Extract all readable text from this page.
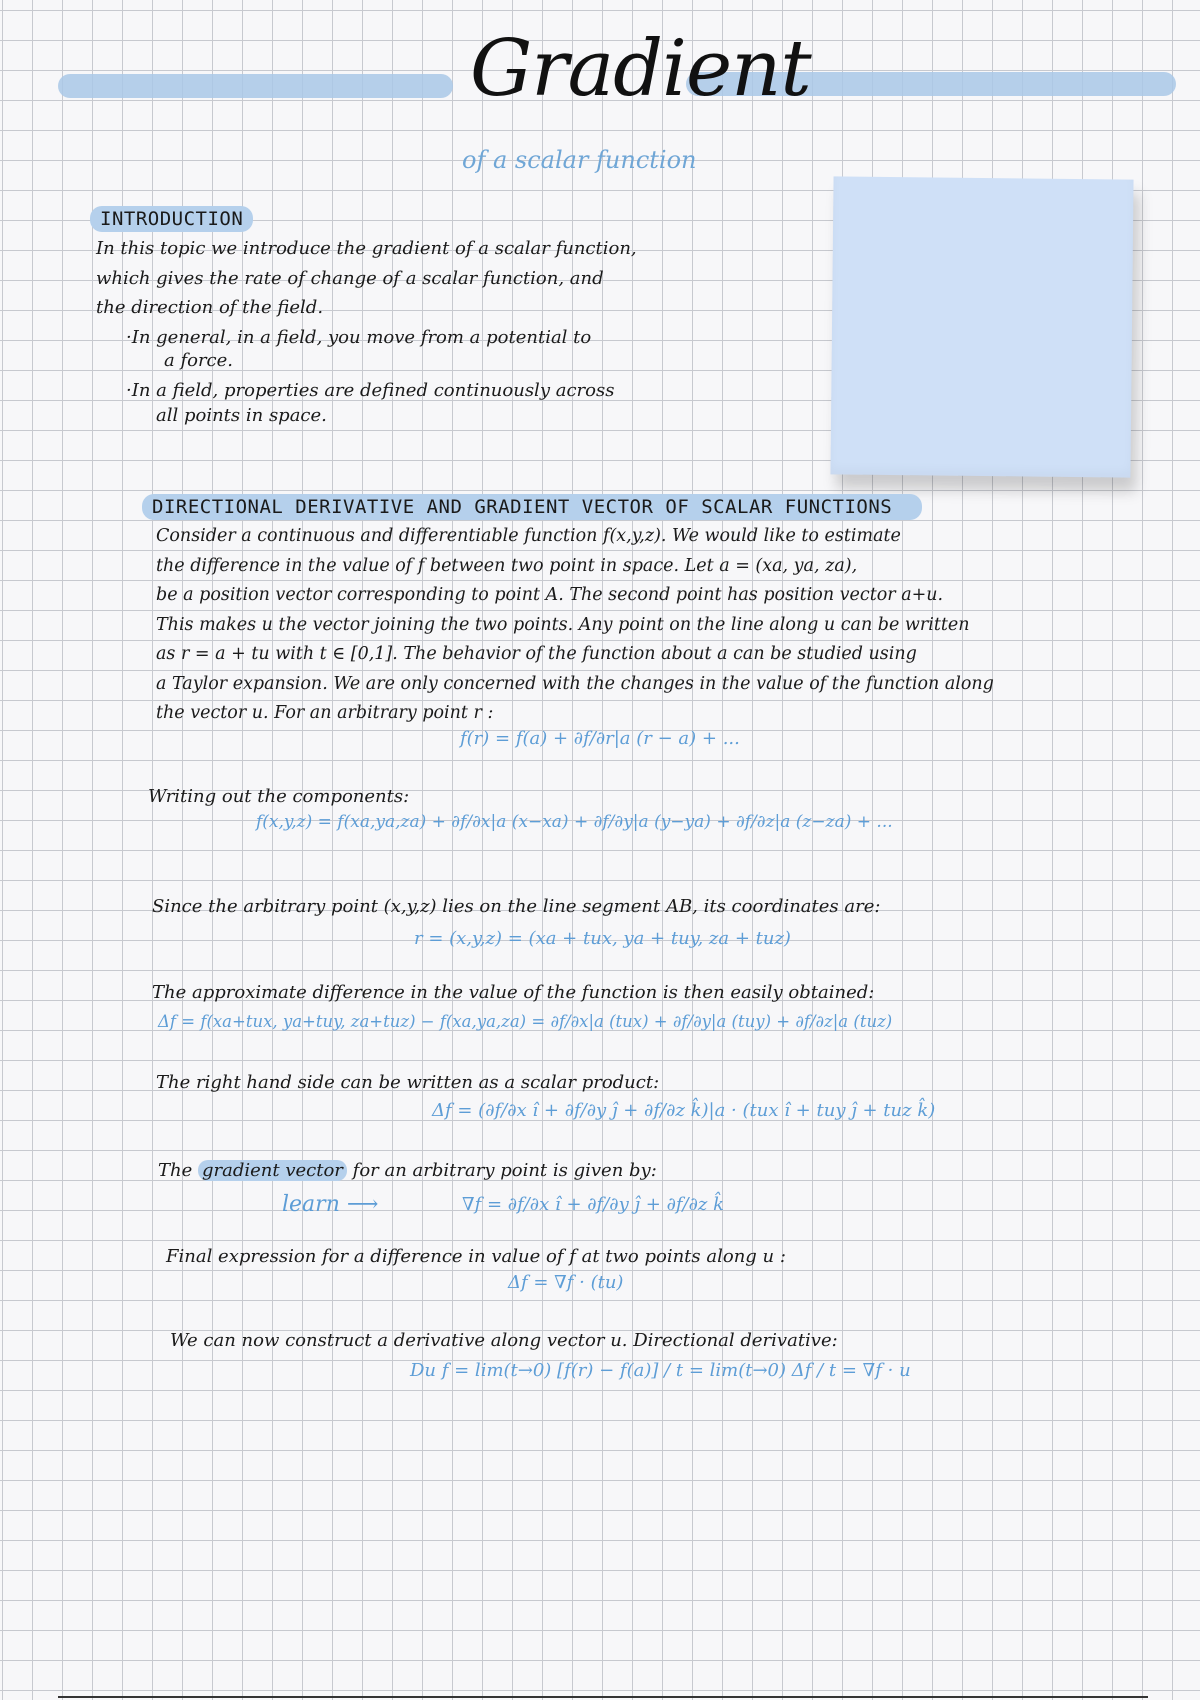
Gradient
of a scalar function
INTRODUCTION

In this topic we introduce the gradient of a scalar function,

which gives the rate of change of a scalar function, and

the direction of the field.

·In general, in a field, you move from a potential to

a force.

·In a field, properties are defined continuously across

all points in space.

DIRECTIONAL DERIVATIVE AND GRADIENT VECTOR OF SCALAR FUNCTIONS

Consider a continuous and differentiable function f(x,y,z). We would like to estimate

the difference in the value of f between two point in space. Let a = (xa, ya, za),

be a position vector corresponding to point A. The second point has position vector a+u.

This makes u the vector joining the two points. Any point on the line along u can be written

as r = a + tu with t ∈ [0,1]. The behavior of the function about a can be studied using

a Taylor expansion. We are only concerned with the changes in the value of the function along

the vector u. For an arbitrary point r :

f(r) = f(a) + ∂f/∂r|a (r − a) + ...
Writing out the components:
f(x,y,z) = f(xa,ya,za) + ∂f/∂x|a (x−xa) + ∂f/∂y|a (y−ya) + ∂f/∂z|a (z−za) + ...
Since the arbitrary point (x,y,z) lies on the line segment AB, its coordinates are:
r = (x,y,z) = (xa + tux, ya + tuy, za + tuz)
The approximate difference in the value of the function is then easily obtained:
Δf = f(xa+tux, ya+tuy, za+tuz) − f(xa,ya,za) = ∂f/∂x|a (tux) + ∂f/∂y|a (tuy) + ∂f/∂z|a (tuz)
The right hand side can be written as a scalar product:
Δf = (∂f/∂x î + ∂f/∂y ĵ + ∂f/∂z k̂)|a · (tux î + tuy ĵ + tuz k̂)
The gradient vector for an arbitrary point is given by:
learn ⟶	∇f = ∂f/∂x î + ∂f/∂y ĵ + ∂f/∂z k̂
Final expression for a difference in value of f at two points along u :
Δf = ∇f · (tu)
We can now construct a derivative along vector u. Directional derivative:
Du f = lim(t→0) [f(r) − f(a)] / t = lim(t→0) Δf / t = ∇f · u
